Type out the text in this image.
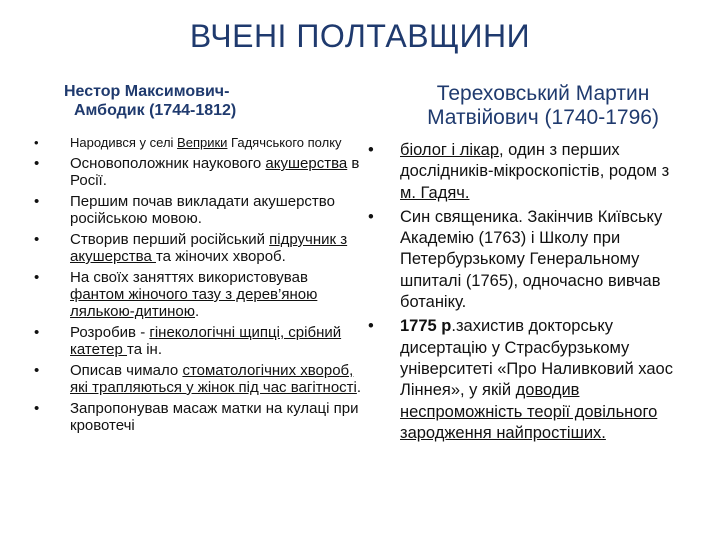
ВЧЕНІ ПОЛТАВЩИНИ
Нестор Максимович-
Амбодик (1744-1812)
• Народився у селі Веприки Гадячського полку
• Основоположник наукового акушерства в Росії.
• Першим почав викладати акушерство російською мовою.
• Створив перший російський підручник з акушерства та жіночих хвороб.
• На своїх заняттях використовував фантом жіночого тазу з дерев’яною лялькою-дитиною.
• Розробив - гінекологічні щипці, срібний катетер та ін.
• Описав чимало стоматологічних хвороб, які трапляються у жінок під час вагітності.
• Запропонував масаж матки на кулаці при кровотечі
Тереховський Мартин
Матвійович (1740-1796)
• біолог і лікар, один з перших дослідників-мікроскопістів, родом з м. Гадяч.
• Син священика. Закінчив Київську Академію (1763) і Школу при Петербурзькому Генеральному шпиталі (1765), одночасно вивчав ботаніку.
• 1775 р.захистив докторську дисертацію у Страсбурзькому університеті «Про Наливковий хаос Ліннея», у якій доводив неспроможність теорії довільного зародження найпростіших.
